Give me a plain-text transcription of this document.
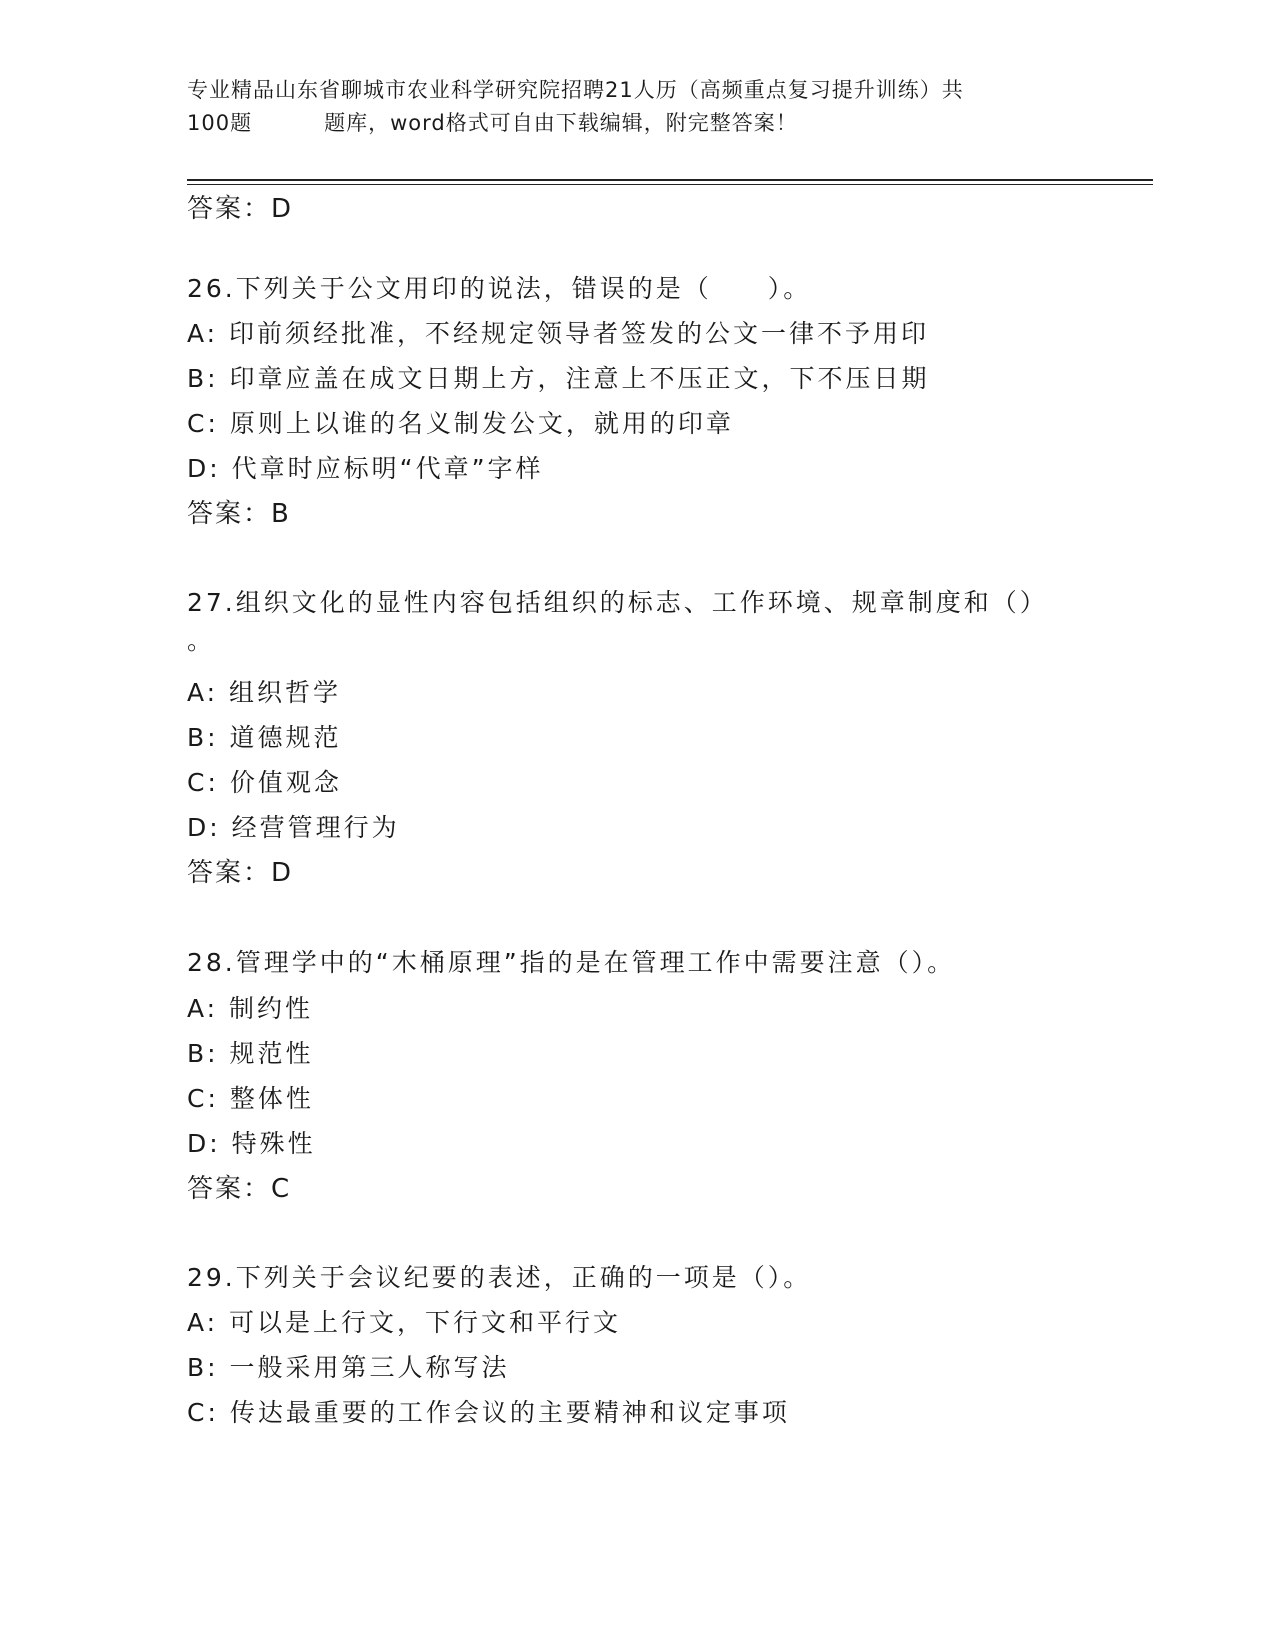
专业精品山东省聊城市农业科学研究院招聘21人历（高频重点复习提升训练）共
100题	题库，word格式可自由下载编辑，附完整答案！
答案：D
26.下列关于公文用印的说法，错误的是（　　）。
A: 印前须经批准，不经规定领导者签发的公文一律不予用印
B: 印章应盖在成文日期上方，注意上不压正文，下不压日期
C: 原则上以谁的名义制发公文，就用的印章
D: 代章时应标明“代章”字样
答案：B
27.组织文化的显性内容包括组织的标志、工作环境、规章制度和（）
。
A: 组织哲学
B: 道德规范
C: 价值观念
D: 经营管理行为
答案：D
28.管理学中的“木桶原理”指的是在管理工作中需要注意（）。
A: 制约性
B: 规范性
C: 整体性
D: 特殊性
答案：C
29.下列关于会议纪要的表述，正确的一项是（）。
A: 可以是上行文，下行文和平行文
B: 一般采用第三人称写法
C: 传达最重要的工作会议的主要精神和议定事项
